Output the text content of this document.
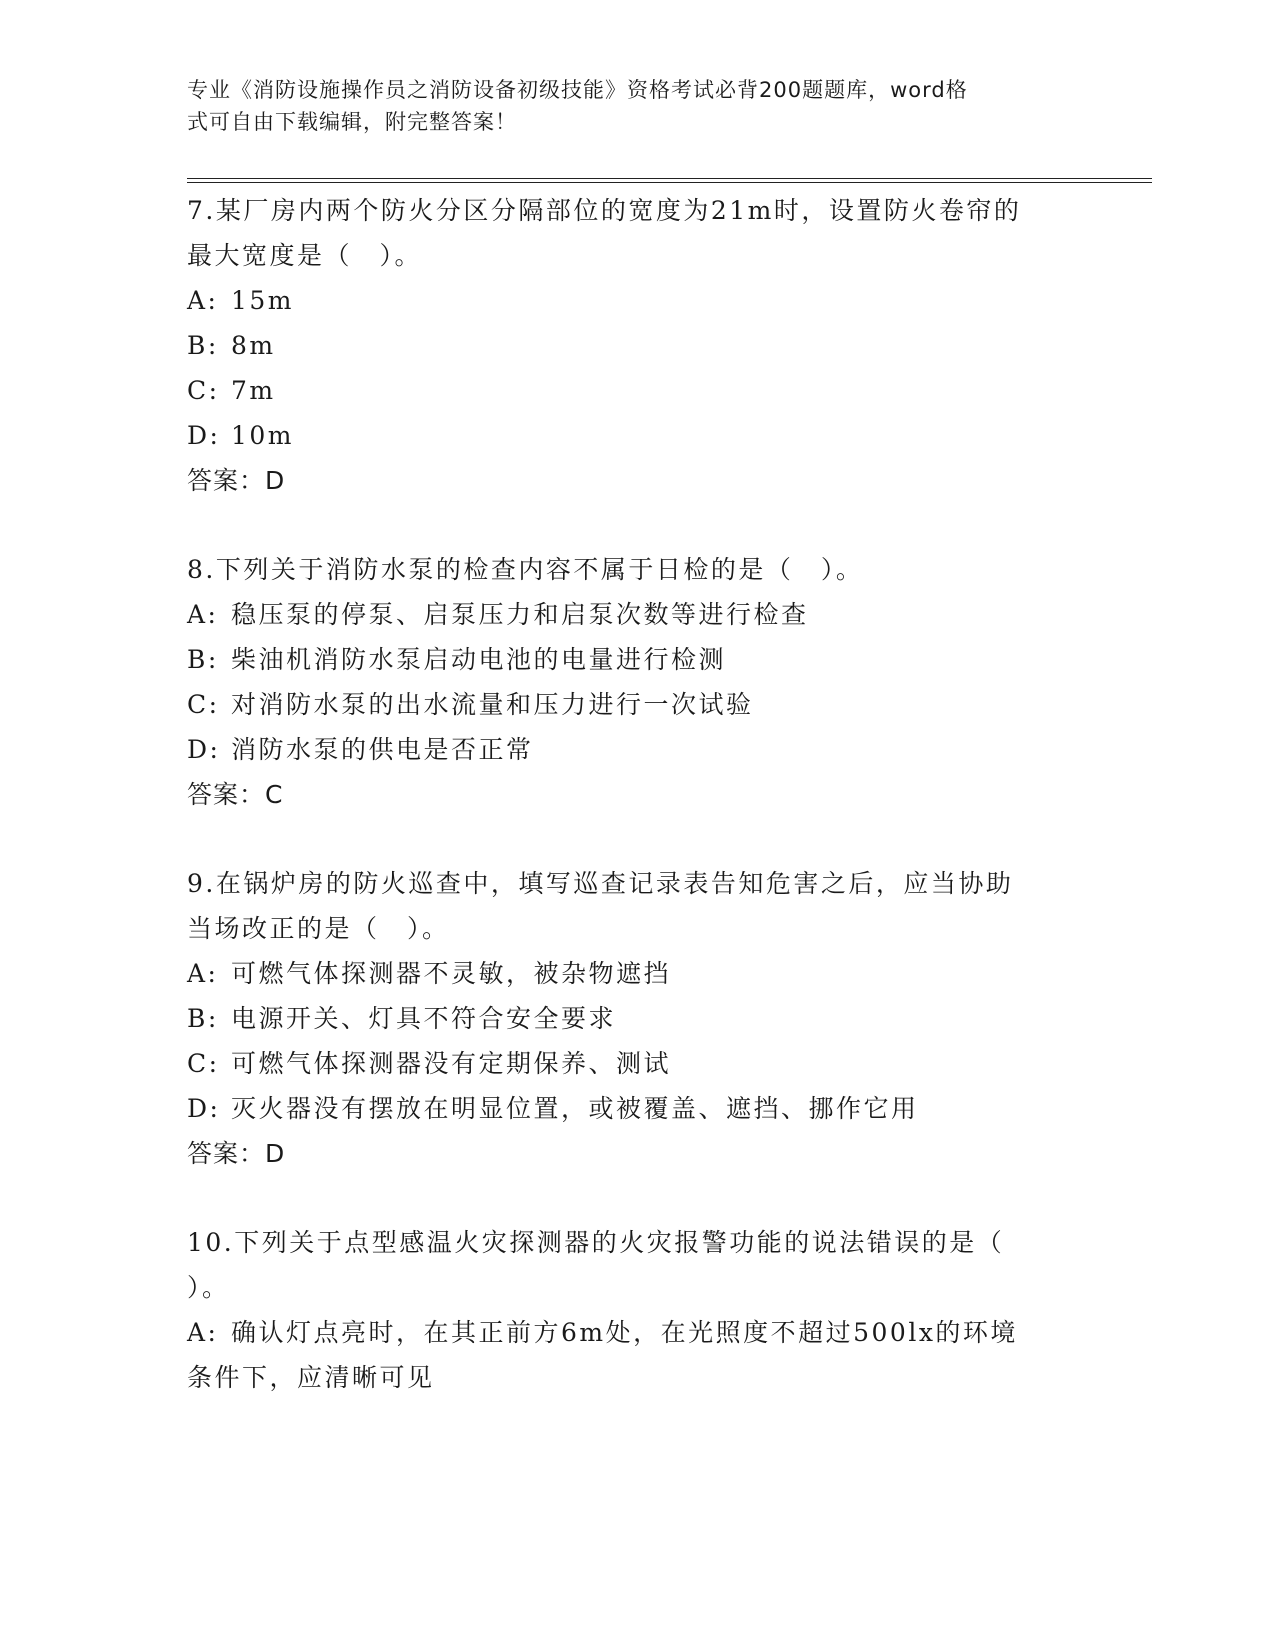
专业《消防设施操作员之消防设备初级技能》资格考试必背200题题库，word格
式可自由下载编辑，附完整答案！

7.某厂房内两个防火分区分隔部位的宽度为21m时，设置防火卷帘的

最大宽度是（　）。

A: 15m

B: 8m

C: 7m

D: 10m

答案：D

8.下列关于消防水泵的检查内容不属于日检的是（　）。

A: 稳压泵的停泵、启泵压力和启泵次数等进行检查

B: 柴油机消防水泵启动电池的电量进行检测

C: 对消防水泵的出水流量和压力进行一次试验

D: 消防水泵的供电是否正常

答案：C

9.在锅炉房的防火巡查中，填写巡查记录表告知危害之后，应当协助

当场改正的是（　）。

A: 可燃气体探测器不灵敏，被杂物遮挡

B: 电源开关、灯具不符合安全要求

C: 可燃气体探测器没有定期保养、测试

D: 灭火器没有摆放在明显位置，或被覆盖、遮挡、挪作它用

答案：D

10.下列关于点型感温火灾探测器的火灾报警功能的说法错误的是（

）。

A: 确认灯点亮时，在其正前方6m处，在光照度不超过500lx的环境

条件下，应清晰可见
